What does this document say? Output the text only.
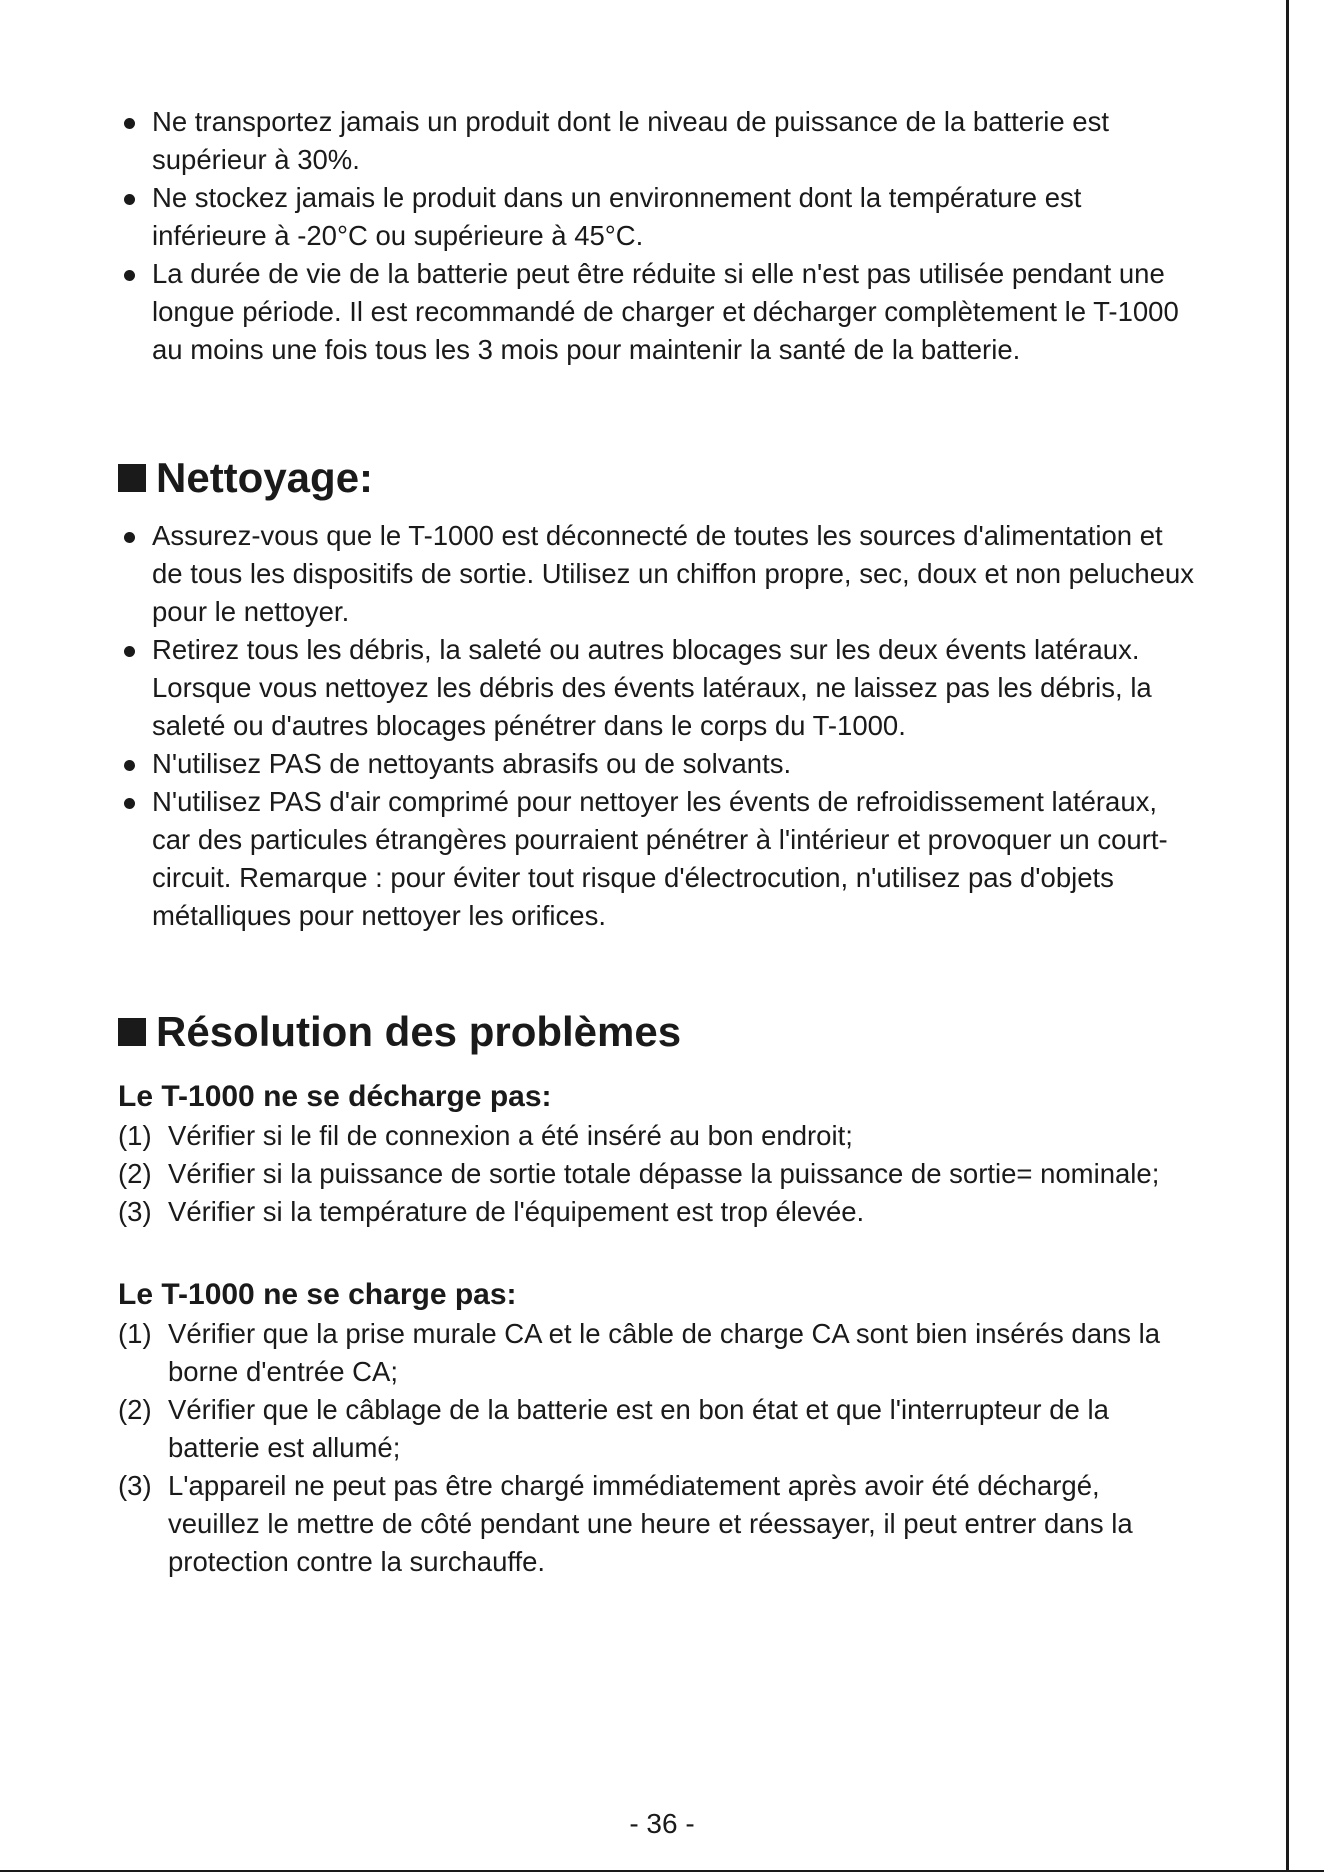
Ne transportez jamais un produit dont le niveau de puissance de la batterie est supérieur à 30%.
Ne stockez jamais le produit dans un environnement dont la température est inférieure à -20°C ou supérieure à 45°C.
La durée de vie de la batterie peut être réduite si elle n'est pas utilisée pendant une longue période. Il est recommandé de charger et décharger complètement le T-1000 au moins une fois tous les 3 mois pour maintenir la santé de la batterie.
Nettoyage:
Assurez-vous que le T-1000 est déconnecté de toutes les sources d'alimentation et de tous les dispositifs de sortie. Utilisez un chiffon propre, sec, doux et non pelucheux pour le nettoyer.
Retirez tous les débris, la saleté ou autres blocages sur les deux évents latéraux. Lorsque vous nettoyez les débris des évents latéraux, ne laissez pas les débris, la saleté ou d'autres blocages pénétrer dans le corps du T-1000.
N'utilisez PAS de nettoyants abrasifs ou de solvants.
N'utilisez PAS d'air comprimé pour nettoyer les évents de refroidissement latéraux, car des particules étrangères pourraient pénétrer à l'intérieur et provoquer un court-circuit. Remarque : pour éviter tout risque d'électrocution, n'utilisez pas d'objets métalliques pour nettoyer les orifices.
Résolution des problèmes
Le T-1000 ne se décharge pas:
(1) Vérifier si le fil de connexion a été inséré au bon endroit;
(2) Vérifier si la puissance de sortie totale dépasse la puissance de sortie= nominale;
(3) Vérifier si la température de l'équipement est trop élevée.
Le T-1000 ne se charge pas:
(1) Vérifier que la prise murale CA et le câble de charge CA sont bien insérés dans la borne d'entrée CA;
(2) Vérifier que le câblage de la batterie est en bon état et que l'interrupteur de la batterie est allumé;
(3) L'appareil ne peut pas être chargé immédiatement après avoir été déchargé, veuillez le mettre de côté pendant une heure et réessayer, il peut entrer dans la protection contre la surchauffe.
- 36 -
